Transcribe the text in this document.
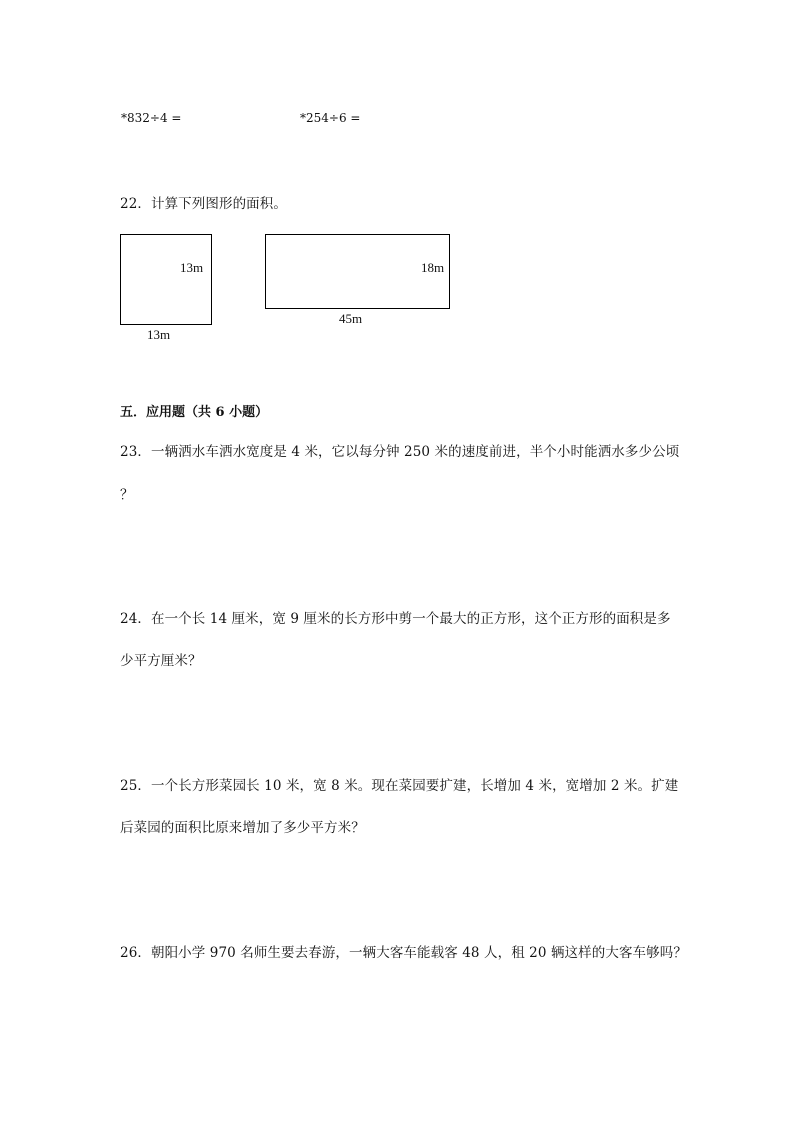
*832÷4 =	*254÷6 =
22．计算下列图形的面积。
13m
13m
18m
45m
五．应用题（共 6 小题）
23．一辆洒水车洒水宽度是 4 米，它以每分钟 250 米的速度前进，半个小时能洒水多少公顷
？
24．在一个长 14 厘米，宽 9 厘米的长方形中剪一个最大的正方形，这个正方形的面积是多
少平方厘米？
25．一个长方形菜园长 10 米，宽 8 米。现在菜园要扩建，长增加 4 米，宽增加 2 米。扩建
后菜园的面积比原来增加了多少平方米？
26．朝阳小学 970 名师生要去春游，一辆大客车能载客 48 人，租 20 辆这样的大客车够吗？
